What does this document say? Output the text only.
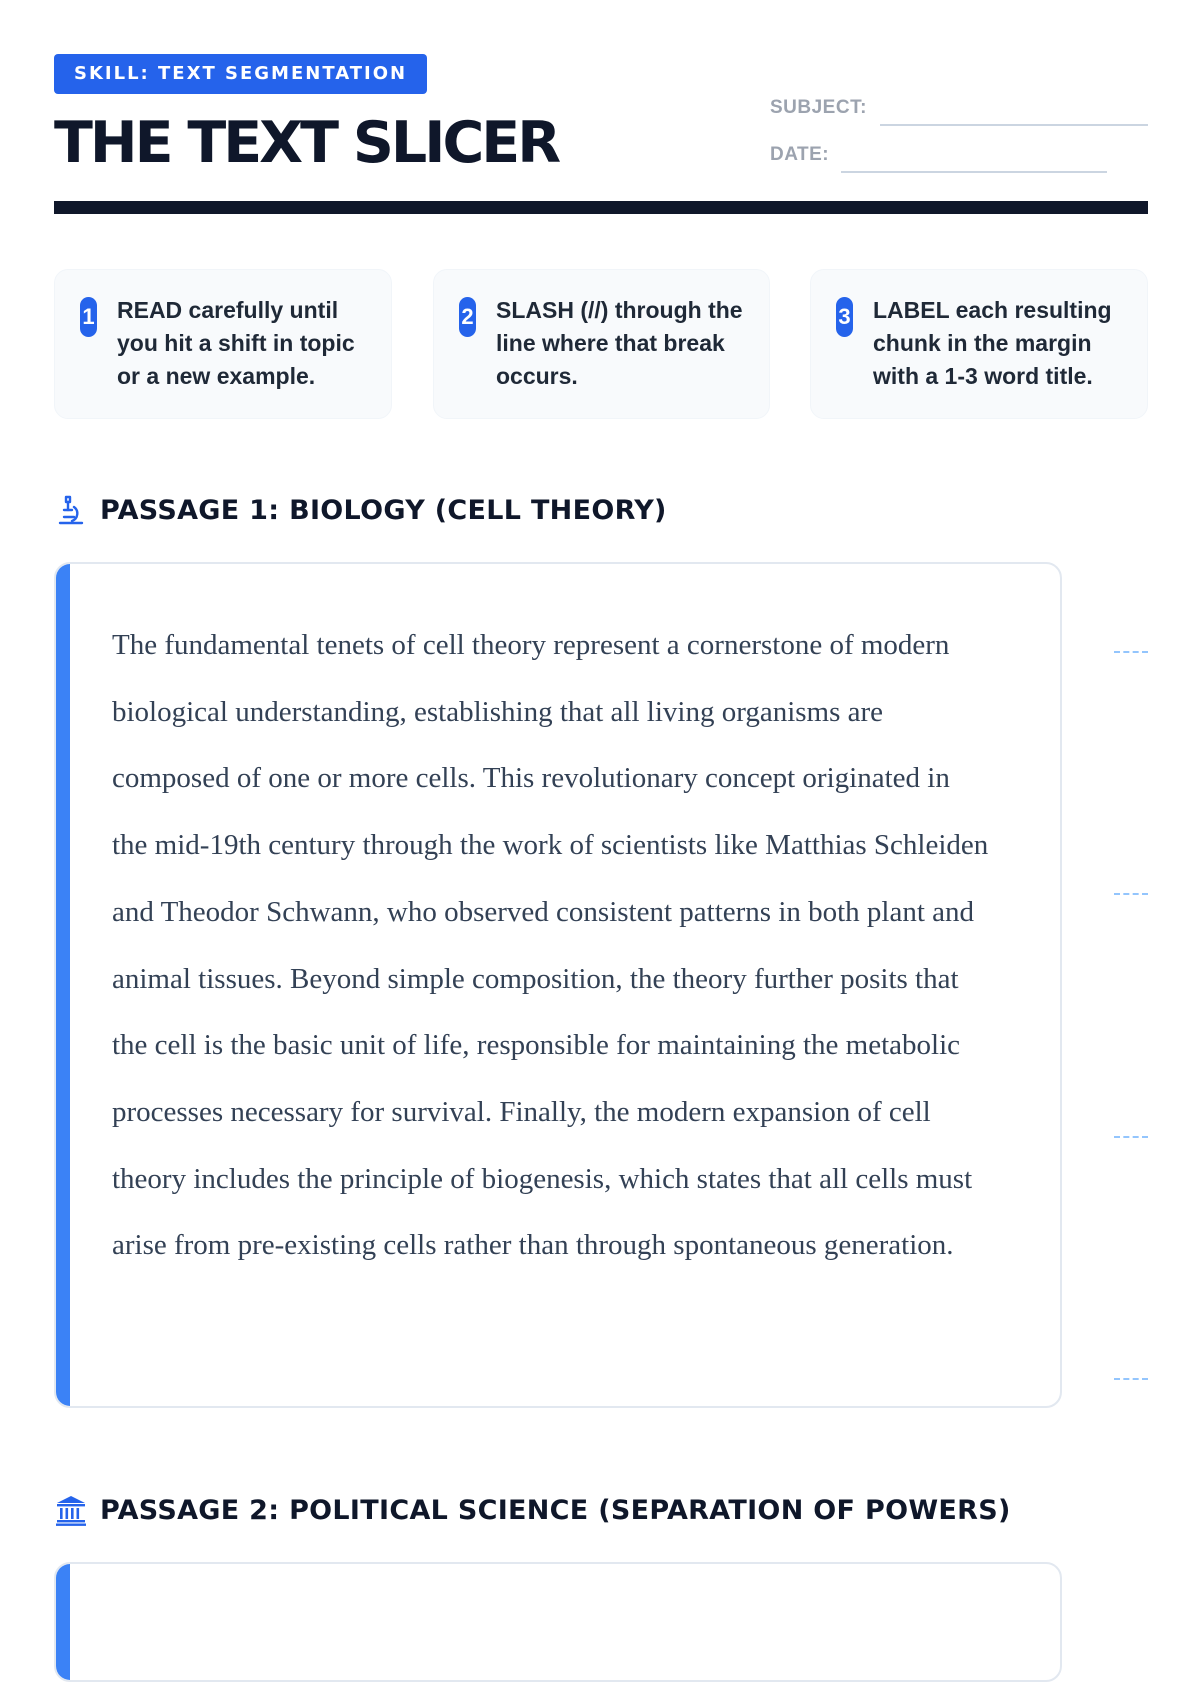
SKILL: TEXT SEGMENTATION
THE TEXT SLICER
SUBJECT:
DATE:
1 READ carefully until you hit a shift in topic or a new example.
2 SLASH (//) through the line where that break occurs.
3 LABEL each resulting chunk in the margin with a 1-3 word title.
PASSAGE 1: BIOLOGY (CELL THEORY)

The fundamental tenets of cell theory represent a cornerstone of modern biological understanding, establishing that all living organisms are composed of one or more cells. This revolutionary concept originated in the mid-19th century through the work of scientists like Matthias Schleiden and Theodor Schwann, who observed consistent patterns in both plant and animal tissues. Beyond simple composition, the theory further posits that the cell is the basic unit of life, responsible for maintaining the metabolic processes necessary for survival. Finally, the modern expansion of cell theory includes the principle of biogenesis, which states that all cells must arise from pre-existing cells rather than through spontaneous generation.

PASSAGE 2: POLITICAL SCIENCE (SEPARATION OF POWERS)
